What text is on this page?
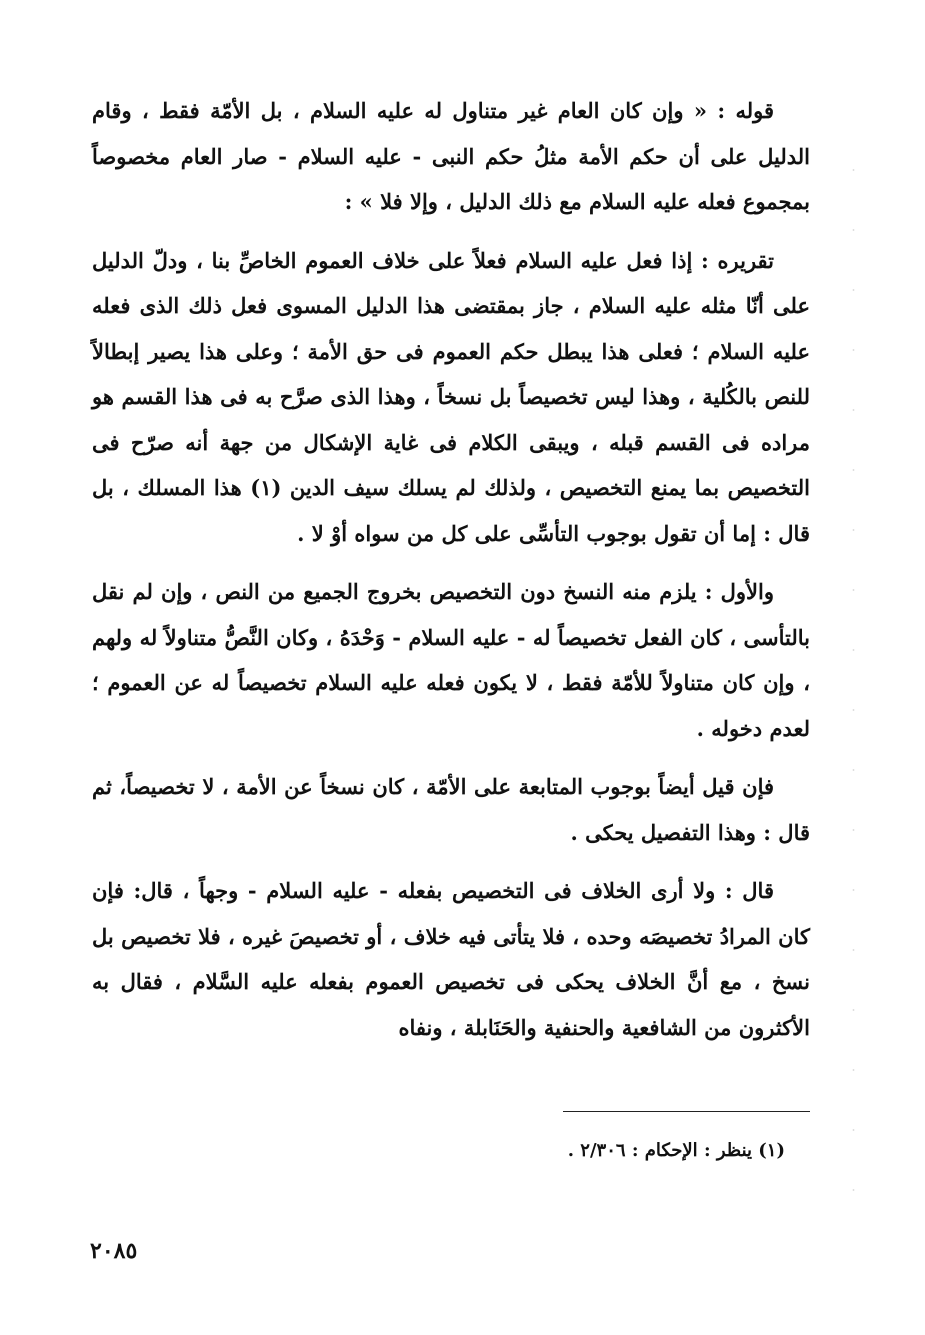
قوله : « وإن كان العام غير متناول له عليه السلام ، بل الأمّة فقط ، وقام الدليل على أن حكم الأمة مثلُ حكم النبى - عليه السلام - صار العام مخصوصاً بمجموع فعله عليه السلام مع ذلك الدليل ، وإلا فلا » :

تقريره : إذا فعل عليه السلام فعلاً على خلاف العموم الخاصِّ بنا ، ودلّ الدليل على أنّا مثله عليه السلام ، جاز بمقتضى هذا الدليل المسوى فعل ذلك الذى فعله عليه السلام ؛ فعلى هذا يبطل حكم العموم فى حق الأمة ؛ وعلى هذا يصير إبطالاً للنص بالكُلية ، وهذا ليس تخصيصاً بل نسخاً ، وهذا الذى صرَّح به فى هذا القسم هو مراده فى القسم قبله ، ويبقى الكلام فى غاية الإشكال من جهة أنه صرّح فى التخصيص بما يمنع التخصيص ، ولذلك لم يسلك سيف الدين (١) هذا المسلك ، بل قال : إما أن تقول بوجوب التأسِّى على كل من سواه أوْ لا .

والأول : يلزم منه النسخ دون التخصيص بخروج الجميع من النص ، وإن لم نقل بالتأسى ، كان الفعل تخصيصاً له - عليه السلام - وَحْدَهُ ، وكان النَّصُّ متناولاً له ولهم ، وإن كان متناولاً للأمّة فقط ، لا يكون فعله عليه السلام تخصيصاً له عن العموم ؛ لعدم دخوله .

فإن قيل أيضاً بوجوب المتابعة على الأمّة ، كان نسخاً عن الأمة ، لا تخصيصاً، ثم قال : وهذا التفصيل يحكى .

قال : ولا أرى الخلاف فى التخصيص بفعله - عليه السلام - وجهاً ، قال: فإن كان المرادُ تخصيصَه وحده ، فلا يتأتى فيه خلاف ، أو تخصيصَ غيره ، فلا تخصيص بل نسخ ، مع أنَّ الخلاف يحكى فى تخصيص العموم بفعله عليه السَّلام ، فقال به الأكثرون من الشافعية والحنفية والحَنَابلة ، ونفاه

(١) ينظر : الإحكام : ٢/٣٠٦ .
٢٠٨٥
